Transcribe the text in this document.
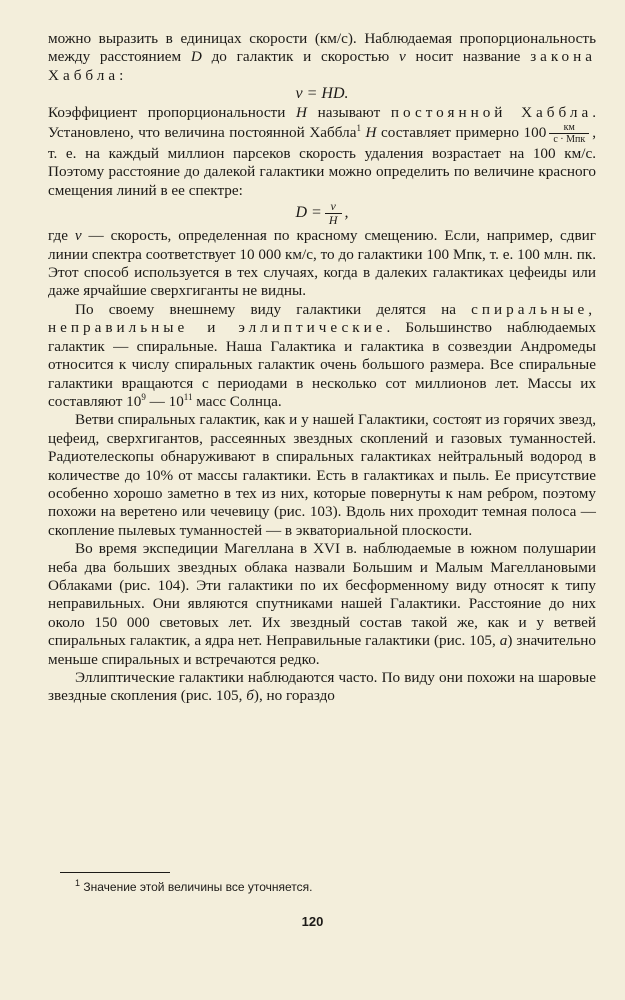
можно выразить в единицах скорости (км/с). Наблюдаемая пропорциональность между расстоянием D до галактик и скоростью v носит название закона Хаббла:

v = HD.

Коэффициент пропорциональности H называют постоянной Хаббла. Установлено, что величина постоянной Хаббла$^1$ H составляет примерно $100 \frac{км}{\text{с · Мпк}}$ , т. е. на каждый миллион парсеков скорость удаления возрастает на 100 км/с. Поэтому расстояние до далекой галактики можно определить по величине красного смещения линий в ее спектре:

$D = \frac{v}{H}$ ,

где v — скорость, определенная по красному смещению. Если, например, сдвиг линии спектра соответствует 10 000 км/с, то до галактики 100 Мпк, т. е. 100 млн. пк. Этот способ используется в тех случаях, когда в далеких галактиках цефеиды или даже ярчайшие сверхгиганты не видны.

По своему внешнему виду галактики делятся на спиральные, неправильные и эллиптические. Большинство наблюдаемых галактик — спиральные. Наша Галактика и галактика в созвездии Андромеды относится к числу спиральных галактик очень большого размера. Все спиральные галактики вращаются с периодами в несколько сот миллионов лет. Массы их составляют $10^9$ — $10^{11}$ масс Солнца.

Ветви спиральных галактик, как и у нашей Галактики, состоят из горячих звезд, цефеид, сверхгигантов, рассеянных звездных скоплений и газовых туманностей. Радиотелескопы обнаруживают в спиральных галактиках нейтральный водород в количестве до 10% от массы галактики. Есть в галактиках и пыль. Ее присутствие особенно хорошо заметно в тех из них, которые повернуты к нам ребром, поэтому похожи на веретено или чечевицу (рис. 103). Вдоль них проходит темная полоса — скопление пылевых туманностей — в экваториальной плоскости.

Во время экспедиции Магеллана в XVI в. наблюдаемые в южном полушарии неба два больших звездных облака назвали Большим и Малым Магеллановыми Облаками (рис. 104). Эти галактики по их бесформенному виду относят к типу неправильных. Они являются спутниками нашей Галактики. Расстояние до них около 150 000 световых лет. Их звездный состав такой же, как и у ветвей спиральных галактик, а ядра нет. Неправильные галактики (рис. 105, а) значительно меньше спиральных и встречаются редко.

Эллиптические галактики наблюдаются часто. По виду они похожи на шаровые звездные скопления (рис. 105, б), но гораздо

$^1$ Значение этой величины все уточняется.
120
